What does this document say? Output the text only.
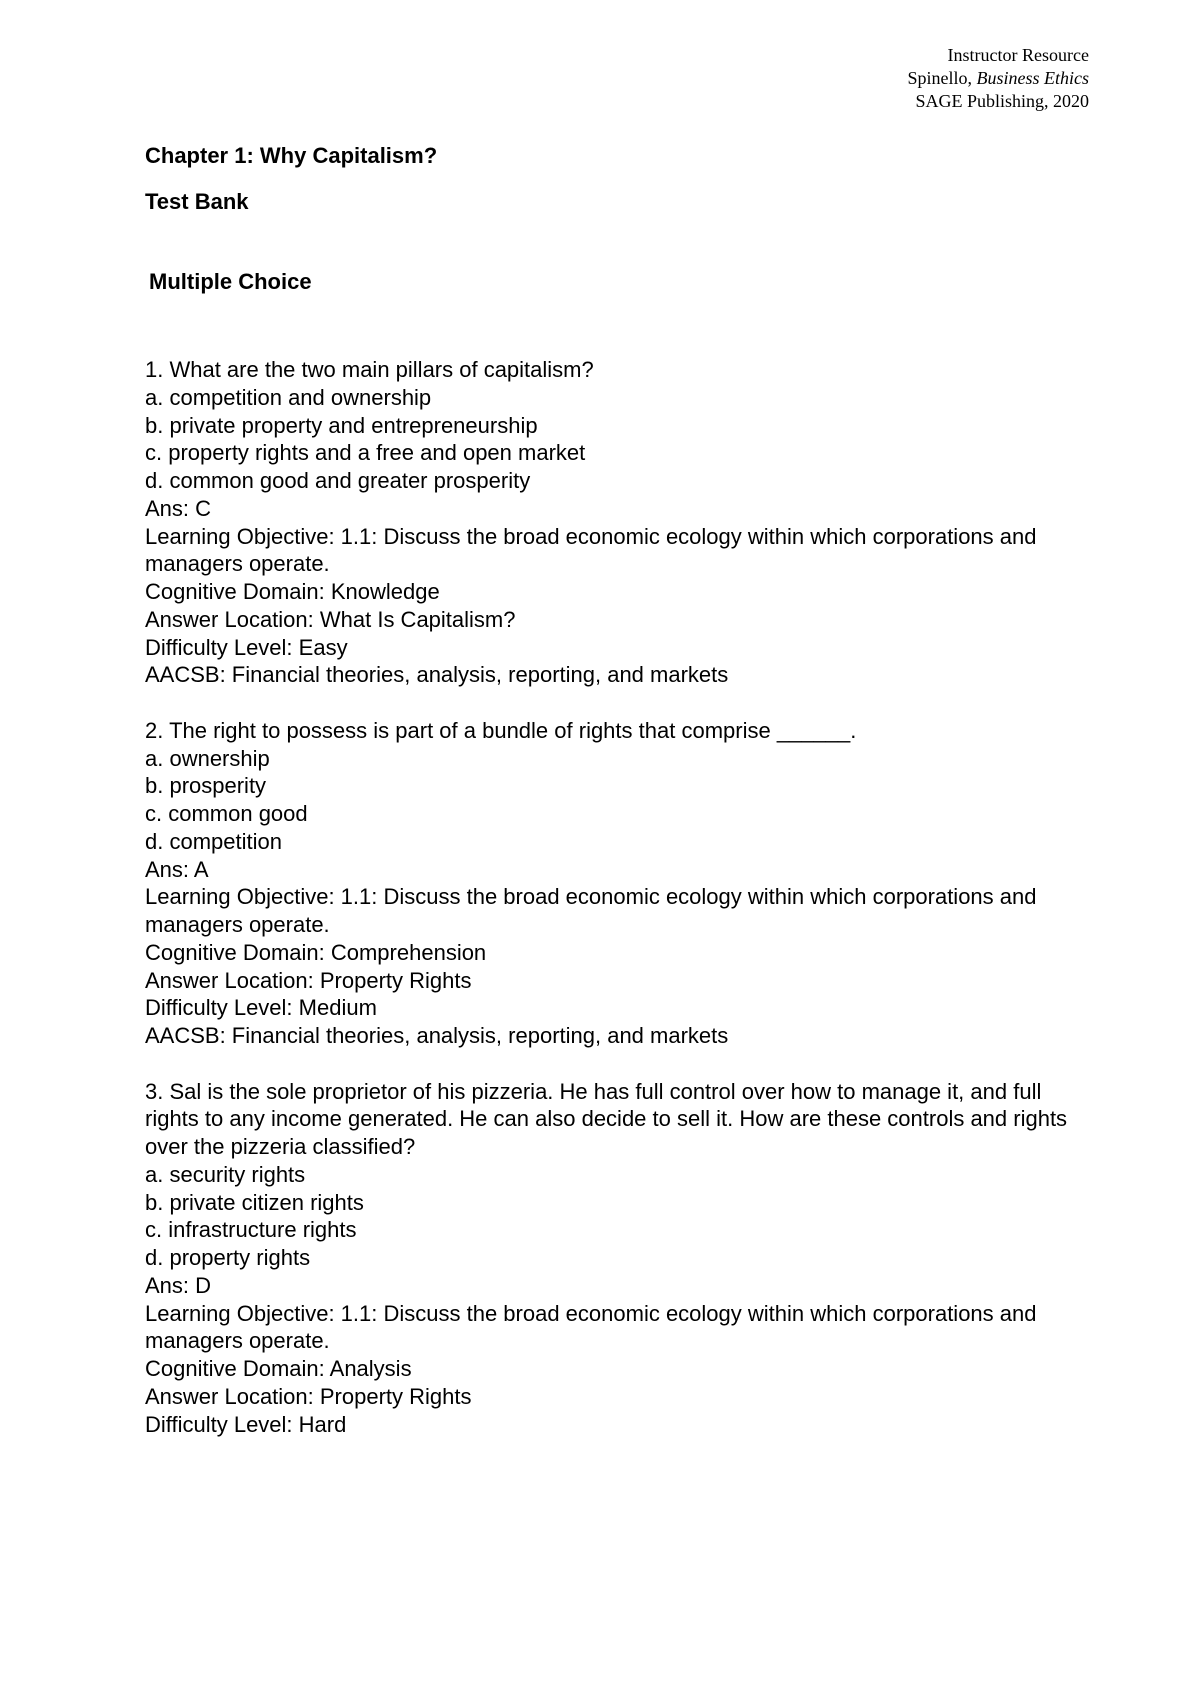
Instructor Resource
Spinello, Business Ethics
SAGE Publishing, 2020
Chapter 1: Why Capitalism?
Test Bank
Multiple Choice
1. What are the two main pillars of capitalism?
a. competition and ownership
b. private property and entrepreneurship
c. property rights and a free and open market
d. common good and greater prosperity
Ans: C
Learning Objective: 1.1: Discuss the broad economic ecology within which corporations and managers operate.
Cognitive Domain: Knowledge
Answer Location: What Is Capitalism?
Difficulty Level: Easy
AACSB: Financial theories, analysis, reporting, and markets
2. The right to possess is part of a bundle of rights that comprise ______.
a. ownership
b. prosperity
c. common good
d. competition
Ans: A
Learning Objective: 1.1: Discuss the broad economic ecology within which corporations and managers operate.
Cognitive Domain: Comprehension
Answer Location: Property Rights
Difficulty Level: Medium
AACSB: Financial theories, analysis, reporting, and markets
3. Sal is the sole proprietor of his pizzeria. He has full control over how to manage it, and full rights to any income generated. He can also decide to sell it. How are these controls and rights over the pizzeria classified?
a. security rights
b. private citizen rights
c. infrastructure rights
d. property rights
Ans: D
Learning Objective: 1.1: Discuss the broad economic ecology within which corporations and managers operate.
Cognitive Domain: Analysis
Answer Location: Property Rights
Difficulty Level: Hard
